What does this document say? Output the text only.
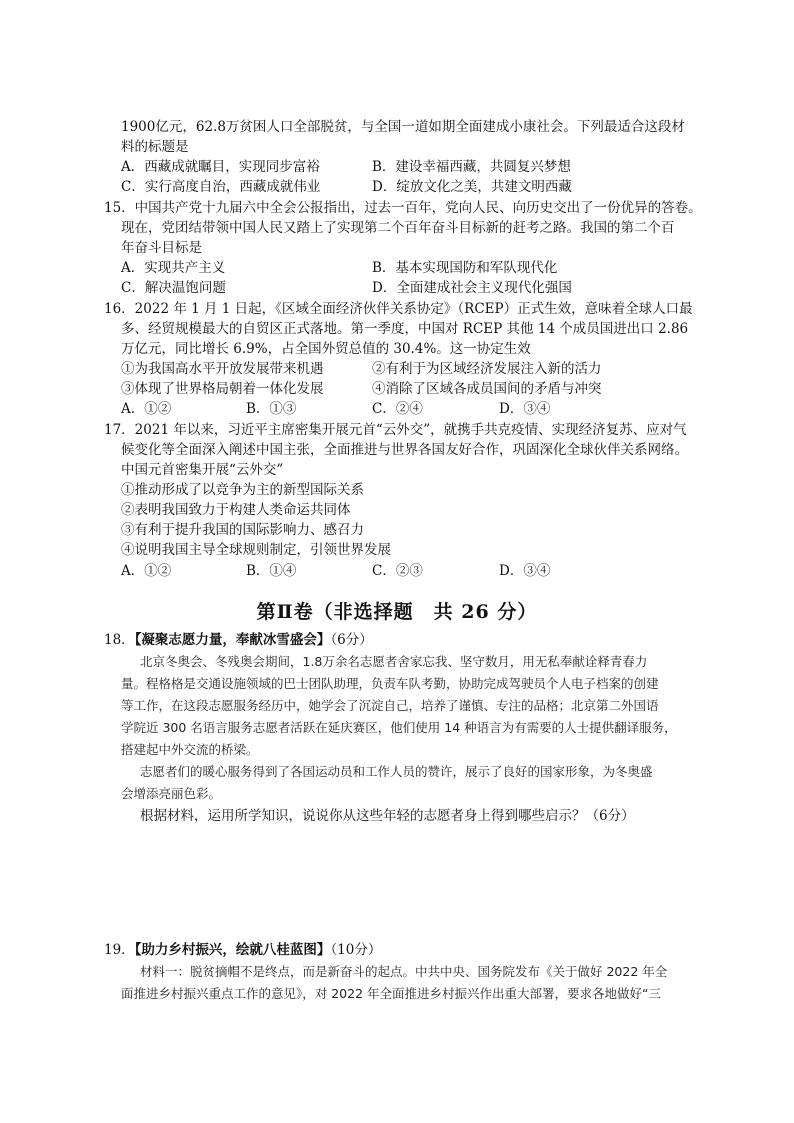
1900亿元，62.8万贫困人口全部脱贫，与全国一道如期全面建成小康社会。下列最适合这段材
料的标题是
A．西藏成就瞩目，实现同步富裕	B．建设幸福西藏，共圆复兴梦想
C．实行高度自治，西藏成就伟业	D．绽放文化之美，共建文明西藏
15．中国共产党十九届六中全会公报指出，过去一百年，党向人民、向历史交出了一份优异的答卷。
现在，党团结带领中国人民又踏上了实现第二个百年奋斗目标新的赶考之路。我国的第二个百
年奋斗目标是
A．实现共产主义	B．基本实现国防和军队现代化
C．解决温饱问题	D．全面建成社会主义现代化强国
16．2022 年 1 月 1 日起，《区域全面经济伙伴关系协定》（RCEP）正式生效，意味着全球人口最
多、经贸规模最大的自贸区正式落地。第一季度，中国对 RCEP 其他 14 个成员国进出口 2.86
万亿元，同比增长 6.9%，占全国外贸总值的 30.4%。这一协定生效
①为我国高水平开放发展带来机遇	②有利于为区域经济发展注入新的活力
③体现了世界格局朝着一体化发展	④消除了区域各成员国间的矛盾与冲突
A．①②	B．①③	C．②④	D．③④
17．2021 年以来，习近平主席密集开展元首“云外交”，就携手共克疫情、实现经济复苏、应对气
候变化等全面深入阐述中国主张，全面推进与世界各国友好合作，巩固深化全球伙伴关系网络。
中国元首密集开展“云外交”
①推动形成了以竞争为主的新型国际关系
②表明我国致力于构建人类命运共同体
③有利于提升我国的国际影响力、感召力
④说明我国主导全球规则制定，引领世界发展
A．①②	B．①④	C．②③	D．③④
第Ⅱ卷（非选择题　共 26 分）
18．【凝聚志愿力量，奉献冰雪盛会】（6分）
北京冬奥会、冬残奥会期间，1.8万余名志愿者舍家忘我、坚守数月，用无私奉献诠释青春力
量。程格格是交通设施领域的巴士团队助理，负责车队考勤，协助完成驾驶员个人电子档案的创建
等工作，在这段志愿服务经历中，她学会了沉淀自己，培养了谨慎、专注的品格；北京第二外国语
学院近 300 名语言服务志愿者活跃在延庆赛区，他们使用 14 种语言为有需要的人士提供翻译服务，
搭建起中外交流的桥梁。
志愿者们的暖心服务得到了各国运动员和工作人员的赞许，展示了良好的国家形象，为冬奥盛
会增添亮丽色彩。
根据材料，运用所学知识，说说你从这些年轻的志愿者身上得到哪些启示？（6分）
19．【助力乡村振兴，绘就八桂蓝图】（10分）
材料一：脱贫摘帽不是终点，而是新奋斗的起点。中共中央、国务院发布《关于做好 2022 年全
面推进乡村振兴重点工作的意见》，对 2022 年全面推进乡村振兴作出重大部署，要求各地做好“三
